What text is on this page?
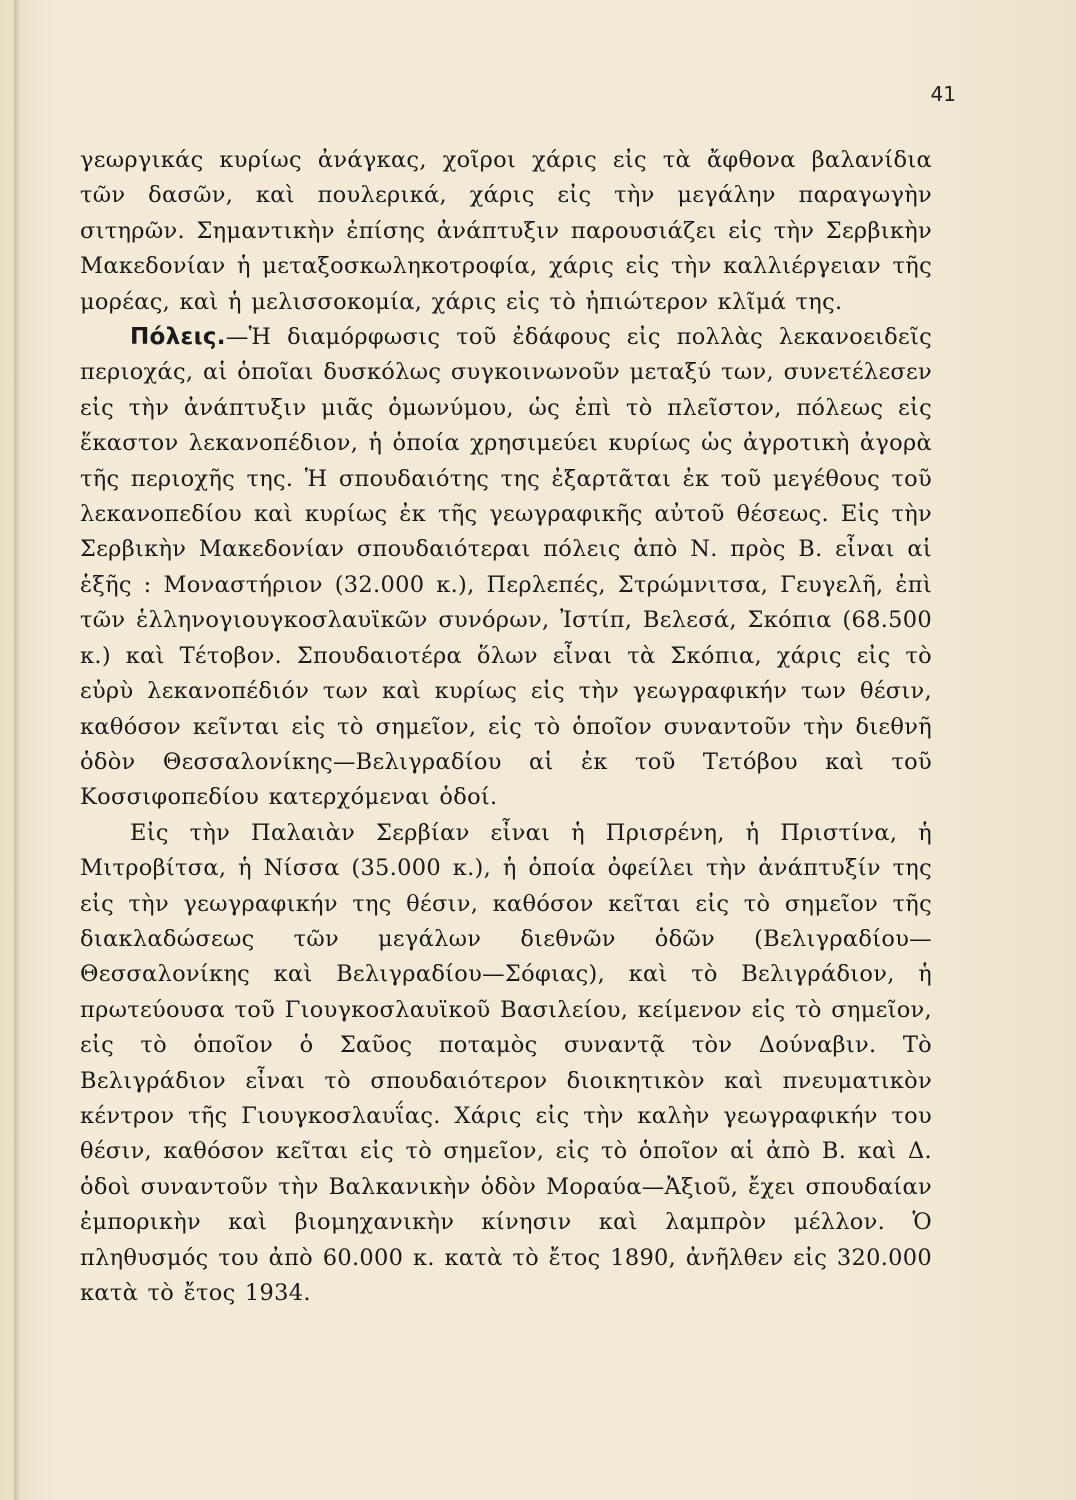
41

γεωργικάς κυρίως ἀνάγκας, χοῖροι χάρις εἰς τὰ ἄφθονα βαλανίδια τῶν δασῶν, καὶ πουλερικά, χάρις εἰς τὴν μεγάλην παραγωγὴν σιτηρῶν. Σημαντικὴν ἐπίσης ἀνάπτυξιν παρουσιάζει εἰς τὴν Σερβικὴν Μακεδονίαν ἡ μεταξοσκωληκοτροφία, χάρις εἰς τὴν καλλιέργειαν τῆς μορέας, καὶ ἡ μελισσοκομία, χάρις εἰς τὸ ἠπιώτερον κλῖμά της.

Πόλεις.—Ἡ διαμόρφωσις τοῦ ἐδάφους εἰς πολλὰς λεκανοειδεῖς περιοχάς, αἱ ὁποῖαι δυσκόλως συγκοινωνοῦν μεταξύ των, συνετέλεσεν εἰς τὴν ἀνάπτυξιν μιᾶς ὁμωνύμου, ὡς ἐπὶ τὸ πλεῖστον, πόλεως εἰς ἕκαστον λεκανοπέδιον, ἡ ὁποία χρησιμεύει κυρίως ὡς ἀγροτικὴ ἀγορὰ τῆς περιοχῆς της. Ἡ σπουδαιότης της ἐξαρτᾶται ἐκ τοῦ μεγέθους τοῦ λεκανοπεδίου καὶ κυρίως ἐκ τῆς γεωγραφικῆς αὐτοῦ θέσεως. Εἰς τὴν Σερβικὴν Μακεδονίαν σπουδαιότεραι πόλεις ἀπὸ Ν. πρὸς Β. εἶναι αἱ ἑξῆς : Μοναστήριον (32.000 κ.), Περλεπές, Στρώμνιτσα, Γευγελῆ, ἐπὶ τῶν ἑλληνογιουγκοσλαυϊκῶν συνόρων, Ἰστίπ, Βελεσά, Σκόπια (68.500 κ.) καὶ Τέτοβον. Σπουδαιοτέρα ὅλων εἶναι τὰ Σκόπια, χάρις εἰς τὸ εὐρὺ λεκανοπέδιόν των καὶ κυρίως εἰς τὴν γεωγραφικήν των θέσιν, καθόσον κεῖνται εἰς τὸ σημεῖον, εἰς τὸ ὁποῖον συναντοῦν τὴν διεθνῆ ὁδὸν Θεσσαλονίκης—Βελιγραδίου αἱ ἐκ τοῦ Τετόβου καὶ τοῦ Κοσσιφοπεδίου κατερχόμεναι ὁδοί.

Εἰς τὴν Παλαιὰν Σερβίαν εἶναι ἡ Πρισρένη, ἡ Πριστίνα, ἡ Μιτροβίτσα, ἡ Νίσσα (35.000 κ.), ἡ ὁποία ὀφείλει τὴν ἀνάπτυξίν της εἰς τὴν γεωγραφικήν της θέσιν, καθόσον κεῖται εἰς τὸ σημεῖον τῆς διακλαδώσεως τῶν μεγάλων διεθνῶν ὁδῶν (Βελιγραδίου—Θεσσαλονίκης καὶ Βελιγραδίου—Σόφιας), καὶ τὸ Βελιγράδιον, ἡ πρωτεύουσα τοῦ Γιουγκοσλαυϊκοῦ Βασιλείου, κείμενον εἰς τὸ σημεῖον, εἰς τὸ ὁποῖον ὁ Σαῦος ποταμὸς συναντᾷ τὸν Δούναβιν. Τὸ Βελιγράδιον εἶναι τὸ σπουδαιότερον διοικητικὸν καὶ πνευματικὸν κέντρον τῆς Γιουγκοσλαυΐας. Χάρις εἰς τὴν καλὴν γεωγραφικήν του θέσιν, καθόσον κεῖται εἰς τὸ σημεῖον, εἰς τὸ ὁποῖον αἱ ἀπὸ Β. καὶ Δ. ὁδοὶ συναντοῦν τὴν Βαλκανικὴν ὁδὸν Μοραύα—Ἀξιοῦ, ἔχει σπουδαίαν ἐμπορικὴν καὶ βιομηχανικὴν κίνησιν καὶ λαμπρὸν μέλλον. Ὁ πληθυσμός του ἀπὸ 60.000 κ. κατὰ τὸ ἔτος 1890, ἀνῆλθεν εἰς 320.000 κατὰ τὸ ἔτος 1934.
